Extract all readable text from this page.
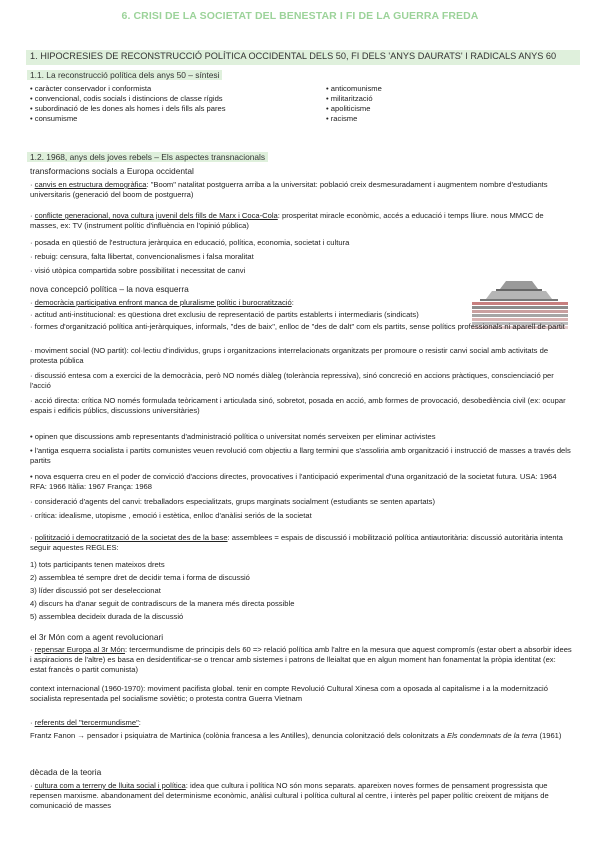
6. CRISI DE LA SOCIETAT DEL BENESTAR I FI DE LA GUERRA FREDA
1. HIPOCRESIES DE RECONSTRUCCIÓ POLÍTICA OCCIDENTAL DELS 50, FI DELS 'ANYS DAURATS' I RADICALS ANYS 60
1.1. La reconstrucció política dels anys 50 – síntesi
• caràcter conservador i conformista
• convencional, codis socials i distincions de classe rígids
• subordinació de les dones als homes i dels fills als pares
• consumisme
• anticomunisme
• militarització
• apoliticisme
• racisme
1.2. 1968, anys dels joves rebels – Els aspectes transnacionals
transformacions socials a Europa occidental
· canvis en estructura demogràfica: "Boom" natalitat postguerra arriba a la universitat: població creix desmesuradament i augmentem nombre d'estudiants universitaris (generació del boom de postguerra)
· conflicte generacional, nova cultura juvenil dels fills de Marx i Coca-Cola: prosperitat miracle econòmic, accés a educació i temps lliure. nous MMCC de masses, ex: TV (instrument polític d'influència en l'opinió pública)
· posada en qüestió de l'estructura jeràrquica en educació, política, economia, societat i cultura
· rebuig: censura, falta llibertat, convencionalismes i falsa moralitat
· visió utòpica compartida sobre possibilitat i necessitat de canvi
nova concepció política – la nova esquerra
· democràcia participativa enfront manca de pluralisme polític i burocratització:
· actitud anti-institucional: es qüestiona dret exclusiu de representació de partits establerts i intermediaris (sindicats)
· formes d'organització política anti-jeràrquiques, informals, "des de baix", enlloc de "des de dalt" com els partits, sense polítics professionals ni aparell de partit
· moviment social (NO partit): col·lectiu d'individus, grups i organitzacions interrelacionats organitzats per promoure o resistir canvi social amb activitats de protesta pública
· discussió entesa com a exercici de la democràcia, però NO només diàleg (tolerància repressiva), sinó concreció en accions pràctiques, conscienciació per l'acció
· acció directa: crítica NO només formulada teòricament i articulada sinó, sobretot, posada en acció, amb formes de provocació, desobediència civil (ex: ocupar espais i edificis públics, discussions universitàries)
• opinen que discussions amb representants d'administració política o universitat només serveixen per eliminar activistes
• l'antiga esquerra socialista i partits comunistes veuen revolució com objectiu a llarg termini que s'assoliria amb organització i instrucció de masses a través dels partits
• nova esquerra creu en el poder de convicció d'accions directes, provocatives i l'anticipació experimental d'una organització de la societat futura. USA: 1964 RFA: 1966 Itàlia: 1967 França: 1968
· consideració d'agents del canvi: treballadors especialitzats, grups marginats socialment (estudiants se senten apartats)
· crítica: idealisme, utopisme , emoció i estètica, enlloc d'anàlisi seriós de la societat
· politització i democratització de la societat des de la base: assemblees = espais de discussió i mobilització política antiautoritària: discussió autoritària intenta seguir aquestes REGLES:
1) tots participants tenen mateixos drets
2) assemblea té sempre dret de decidir tema i forma de discussió
3) líder discussió pot ser deseleccionat
4) discurs ha d'anar seguit de contradiscurs de la manera més directa possible
5) assemblea decideix durada de la discussió
el 3r Món com a agent revolucionari
· repensar Europa al 3r Món: tercermundisme de principis dels 60 => relació política amb l'altre en la mesura que aquest compromís (estar obert a absorbir idees i aspiracions de l'altre) es basa en desidentificar-se o trencar amb sistemes i patrons de lleialtat que en algun moment han fonamentat la pròpia identitat (ex: estat francès o partit comunista)
context internacional (1960-1970): moviment pacifista global. tenir en compte Revolució Cultural Xinesa com a oposada al capitalisme i a la modernització socialista representada pel socialisme soviètic; o protesta contra Guerra Vietnam
· referents del "tercermundisme":
Frantz Fanon → pensador i psiquiatra de Martinica (colònia francesa a les Antilles), denuncia colonització dels colonitzats a Els condemnats de la terra (1961)
dècada de la teoria
· cultura com a terreny de lluita social i política: idea que cultura i política NO són mons separats. apareixen noves formes de pensament progressista que repensen marxisme. abandonament del determinisme econòmic, anàlisi cultural i política cultural al centre, i interès pel paper polític creixent de mitjans de comunicació de masses
